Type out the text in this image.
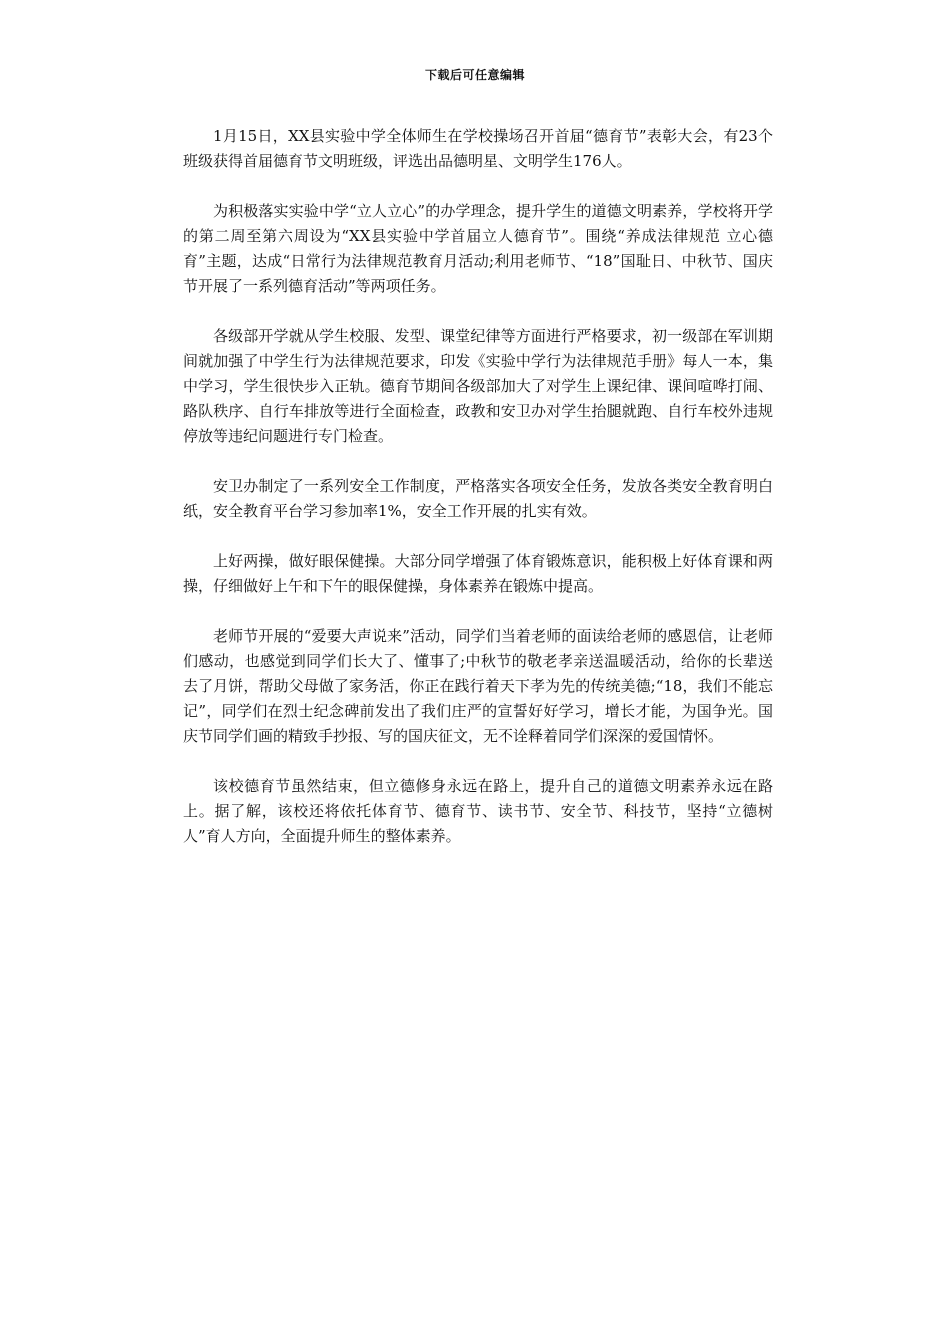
下载后可任意编辑

1月15日，XX县实验中学全体师生在学校操场召开首届“德育节”表彰大会，有23个班级获得首届德育节文明班级，评选出品德明星、文明学生176人。

为积极落实实验中学“立人立心”的办学理念，提升学生的道德文明素养，学校将开学的第二周至第六周设为“XX县实验中学首届立人德育节”。围绕“养成法律规范 立心德育”主题，达成“日常行为法律规范教育月活动;利用老师节、“18”国耻日、中秋节、国庆节开展了一系列德育活动”等两项任务。

各级部开学就从学生校服、发型、课堂纪律等方面进行严格要求，初一级部在军训期间就加强了中学生行为法律规范要求，印发《实验中学行为法律规范手册》每人一本，集中学习，学生很快步入正轨。德育节期间各级部加大了对学生上课纪律、课间喧哗打闹、路队秩序、自行车排放等进行全面检查，政教和安卫办对学生抬腿就跑、自行车校外违规停放等违纪问题进行专门检查。

安卫办制定了一系列安全工作制度，严格落实各项安全任务，发放各类安全教育明白纸，安全教育平台学习参加率1%，安全工作开展的扎实有效。

上好两操，做好眼保健操。大部分同学增强了体育锻炼意识，能积极上好体育课和两操，仔细做好上午和下午的眼保健操，身体素养在锻炼中提高。

老师节开展的“爱要大声说来”活动，同学们当着老师的面读给老师的感恩信，让老师们感动，也感觉到同学们长大了、懂事了;中秋节的敬老孝亲送温暖活动，给你的长辈送去了月饼，帮助父母做了家务活，你正在践行着天下孝为先的传统美德;“18，我们不能忘记”，同学们在烈士纪念碑前发出了我们庄严的宣誓好好学习，增长才能，为国争光。国庆节同学们画的精致手抄报、写的国庆征文，无不诠释着同学们深深的爱国情怀。

该校德育节虽然结束，但立德修身永远在路上，提升自己的道德文明素养永远在路上。据了解，该校还将依托体育节、德育节、读书节、安全节、科技节，坚持“立德树人”育人方向，全面提升师生的整体素养。
